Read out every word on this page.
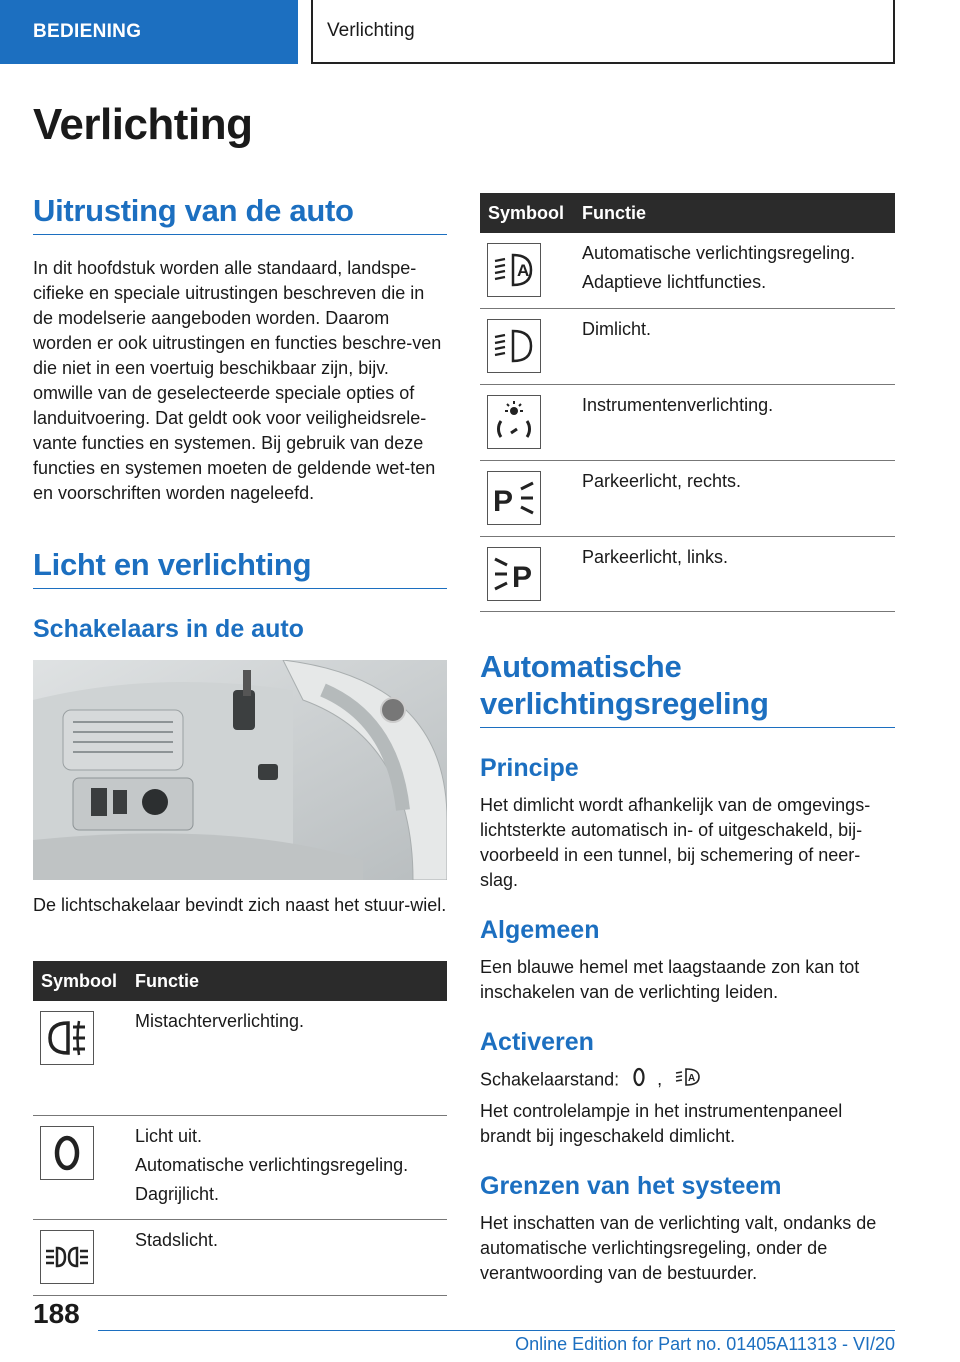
BEDIENING	Verlichting
Verlichting
Uitrusting van de auto

In dit hoofdstuk worden alle standaard, landspe-cifieke en speciale uitrustingen beschreven die in de modelserie aangeboden worden. Daarom worden er ook uitrustingen en functies beschre-ven die niet in een voertuig beschikbaar zijn, bijv. omwille van de geselecteerde speciale opties of landuitvoering. Dat geldt ook voor veiligheidsrele-vante functies en systemen. Bij gebruik van deze functies en systemen moeten de geldende wet-ten en voorschriften worden nageleefd.

Licht en verlichting
Schakelaars in de auto

De lichtschakelaar bevindt zich naast het stuur-wiel.

Symbool	Functie

Mistachterverlichting.

Licht uit.
Automatische verlichtingsregeling.
Dagrijlicht.

Stadslicht.
Symbool	Functie

A	Automatische verlichtingsregeling.
Adaptieve lichtfuncties.

Dimlicht.

Instrumentenverlichting.

P	Parkeerlicht, rechts.

P	Parkeerlicht, links.
Automatische verlichtingsregeling
Principe

Het dimlicht wordt afhankelijk van de omgevings-lichtsterkte automatisch in- of uitgeschakeld, bij-voorbeeld in een tunnel, bij schemering of neer-slag.

Algemeen

Een blauwe hemel met laagstaande zon kan tot inschakelen van de verlichting leiden.

Activeren

Schakelaarstand: ,	A

Het controlelampje in het instrumentenpaneel brandt bij ingeschakeld dimlicht.

Grenzen van het systeem

Het inschatten van de verlichting valt, ondanks de automatische verlichtingsregeling, onder de verantwoording van de bestuurder.

188
Online Edition for Part no. 01405A11313 - VI/20
